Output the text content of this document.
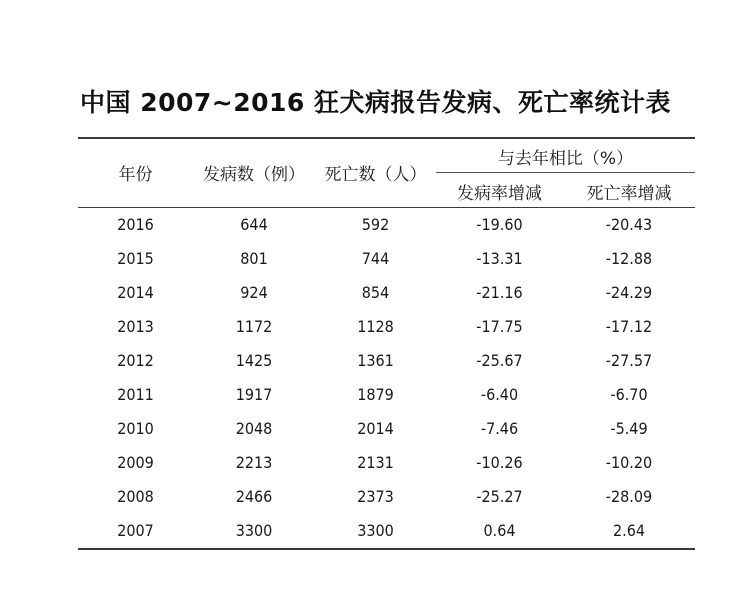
中国 2007~2016 狂犬病报告发病、死亡率统计表
年份	发病数（例）	死亡数（人）
与去年相比（%）
发病率增减	死亡率增减
2016	644	592	-19.60	-20.43
2015	801	744	-13.31	-12.88
2014	924	854	-21.16	-24.29
2013	1172	1128	-17.75	-17.12
2012	1425	1361	-25.67	-27.57
2011	1917	1879	-6.40	-6.70
2010	2048	2014	-7.46	-5.49
2009	2213	2131	-10.26	-10.20
2008	2466	2373	-25.27	-28.09
2007	3300	3300	0.64	2.64
